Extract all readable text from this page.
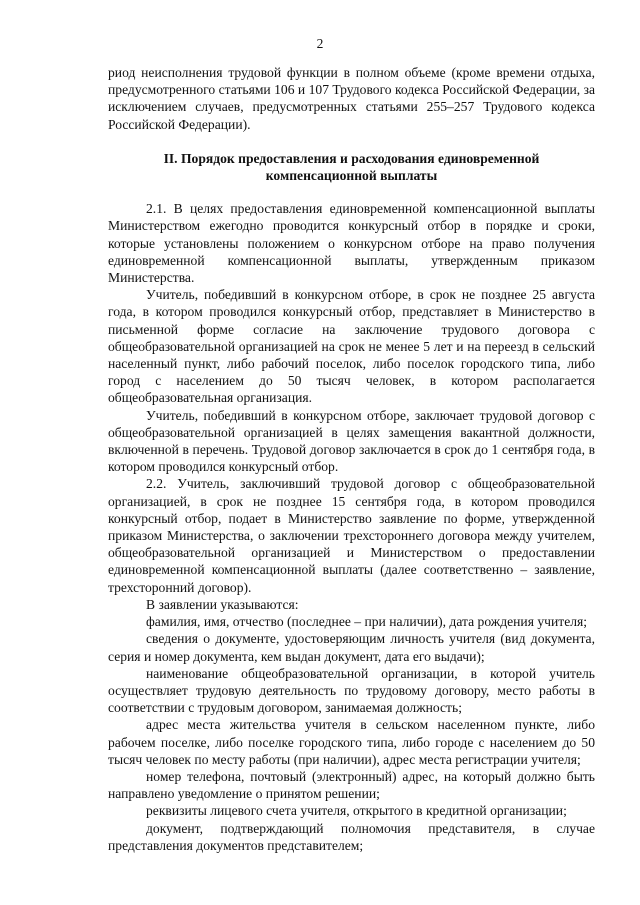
2

риод неисполнения трудовой функции в полном объеме (кроме времени отдыха, предусмотренного статьями 106 и 107 Трудового кодекса Российской Федерации, за исключением случаев, предусмотренных статьями 255–257 Трудового кодекса Российской Федерации).

II. Порядок предоставления и расходования единовременной компенсационной выплаты

2.1. В целях предоставления единовременной компенсационной выплаты Министерством ежегодно проводится конкурсный отбор в порядке и сроки, которые установлены положением о конкурсном отборе на право получения единовременной компенсационной выплаты, утвержденным приказом Министерства.

Учитель, победивший в конкурсном отборе, в срок не позднее 25 августа года, в котором проводился конкурсный отбор, представляет в Министерство в письменной форме согласие на заключение трудового договора с общеобразовательной организацией на срок не менее 5 лет и на переезд в сельский населенный пункт, либо рабочий поселок, либо поселок городского типа, либо город с населением до 50 тысяч человек, в котором располагается общеобразовательная организация.

Учитель, победивший в конкурсном отборе, заключает трудовой договор с общеобразовательной организацией в целях замещения вакантной должности, включенной в перечень. Трудовой договор заключается в срок до 1 сентября года, в котором проводился конкурсный отбор.

2.2. Учитель, заключивший трудовой договор с общеобразовательной организацией, в срок не позднее 15 сентября года, в котором проводился конкурсный отбор, подает в Министерство заявление по форме, утвержденной приказом Министерства, о заключении трехстороннего договора между учителем, общеобразовательной организацией и Министерством о предоставлении единовременной компенсационной выплаты (далее соответственно – заявление, трехсторонний договор).

В заявлении указываются:

фамилия, имя, отчество (последнее – при наличии), дата рождения учителя;

сведения о документе, удостоверяющим личность учителя (вид документа, серия и номер документа, кем выдан документ, дата его выдачи);

наименование общеобразовательной организации, в которой учитель осуществляет трудовую деятельность по трудовому договору, место работы в соответствии с трудовым договором, занимаемая должность;

адрес места жительства учителя в сельском населенном пункте, либо рабочем поселке, либо поселке городского типа, либо городе с населением до 50 тысяч человек по месту работы (при наличии), адрес места регистрации учителя;

номер телефона, почтовый (электронный) адрес, на который должно быть направлено уведомление о принятом решении;

реквизиты лицевого счета учителя, открытого в кредитной организации;

документ, подтверждающий полномочия представителя, в случае представления документов представителем;
